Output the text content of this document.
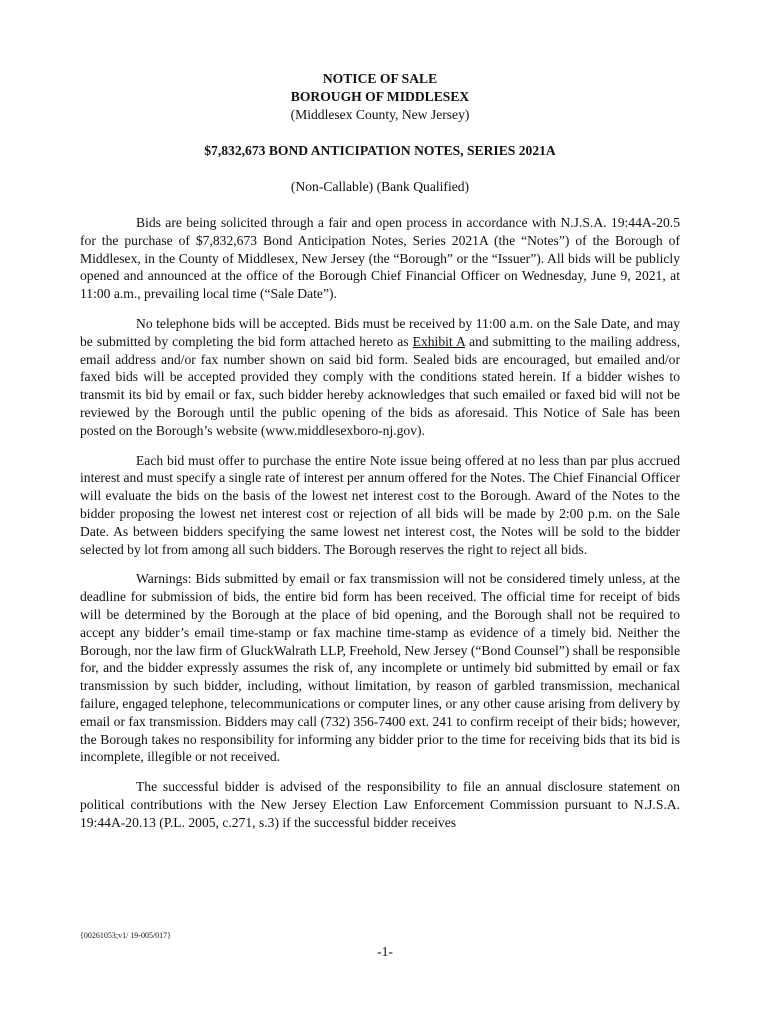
NOTICE OF SALE
BOROUGH OF MIDDLESEX
(Middlesex County, New Jersey)
$7,832,673 BOND ANTICIPATION NOTES, SERIES 2021A
(Non-Callable) (Bank Qualified)

Bids are being solicited through a fair and open process in accordance with N.J.S.A. 19:44A-20.5 for the purchase of $7,832,673 Bond Anticipation Notes, Series 2021A (the “Notes”) of the Borough of Middlesex, in the County of Middlesex, New Jersey (the “Borough” or the “Issuer”). All bids will be publicly opened and announced at the office of the Borough Chief Financial Officer on Wednesday, June 9, 2021, at 11:00 a.m., prevailing local time (“Sale Date”).

No telephone bids will be accepted. Bids must be received by 11:00 a.m. on the Sale Date, and may be submitted by completing the bid form attached hereto as Exhibit A and submitting to the mailing address, email address and/or fax number shown on said bid form. Sealed bids are encouraged, but emailed and/or faxed bids will be accepted provided they comply with the conditions stated herein. If a bidder wishes to transmit its bid by email or fax, such bidder hereby acknowledges that such emailed or faxed bid will not be reviewed by the Borough until the public opening of the bids as aforesaid. This Notice of Sale has been posted on the Borough’s website (www.middlesexboro-nj.gov).

Each bid must offer to purchase the entire Note issue being offered at no less than par plus accrued interest and must specify a single rate of interest per annum offered for the Notes. The Chief Financial Officer will evaluate the bids on the basis of the lowest net interest cost to the Borough. Award of the Notes to the bidder proposing the lowest net interest cost or rejection of all bids will be made by 2:00 p.m. on the Sale Date. As between bidders specifying the same lowest net interest cost, the Notes will be sold to the bidder selected by lot from among all such bidders. The Borough reserves the right to reject all bids.

Warnings: Bids submitted by email or fax transmission will not be considered timely unless, at the deadline for submission of bids, the entire bid form has been received. The official time for receipt of bids will be determined by the Borough at the place of bid opening, and the Borough shall not be required to accept any bidder’s email time-stamp or fax machine time-stamp as evidence of a timely bid. Neither the Borough, nor the law firm of GluckWalrath LLP, Freehold, New Jersey (“Bond Counsel”) shall be responsible for, and the bidder expressly assumes the risk of, any incomplete or untimely bid submitted by email or fax transmission by such bidder, including, without limitation, by reason of garbled transmission, mechanical failure, engaged telephone, telecommunications or computer lines, or any other cause arising from delivery by email or fax transmission. Bidders may call (732) 356-7400 ext. 241 to confirm receipt of their bids; however, the Borough takes no responsibility for informing any bidder prior to the time for receiving bids that its bid is incomplete, illegible or not received.

The successful bidder is advised of the responsibility to file an annual disclosure statement on political contributions with the New Jersey Election Law Enforcement Commission pursuant to N.J.S.A. 19:44A-20.13 (P.L. 2005, c.271, s.3) if the successful bidder receives

{00261053;v1/ 19-005/017}
-1-
